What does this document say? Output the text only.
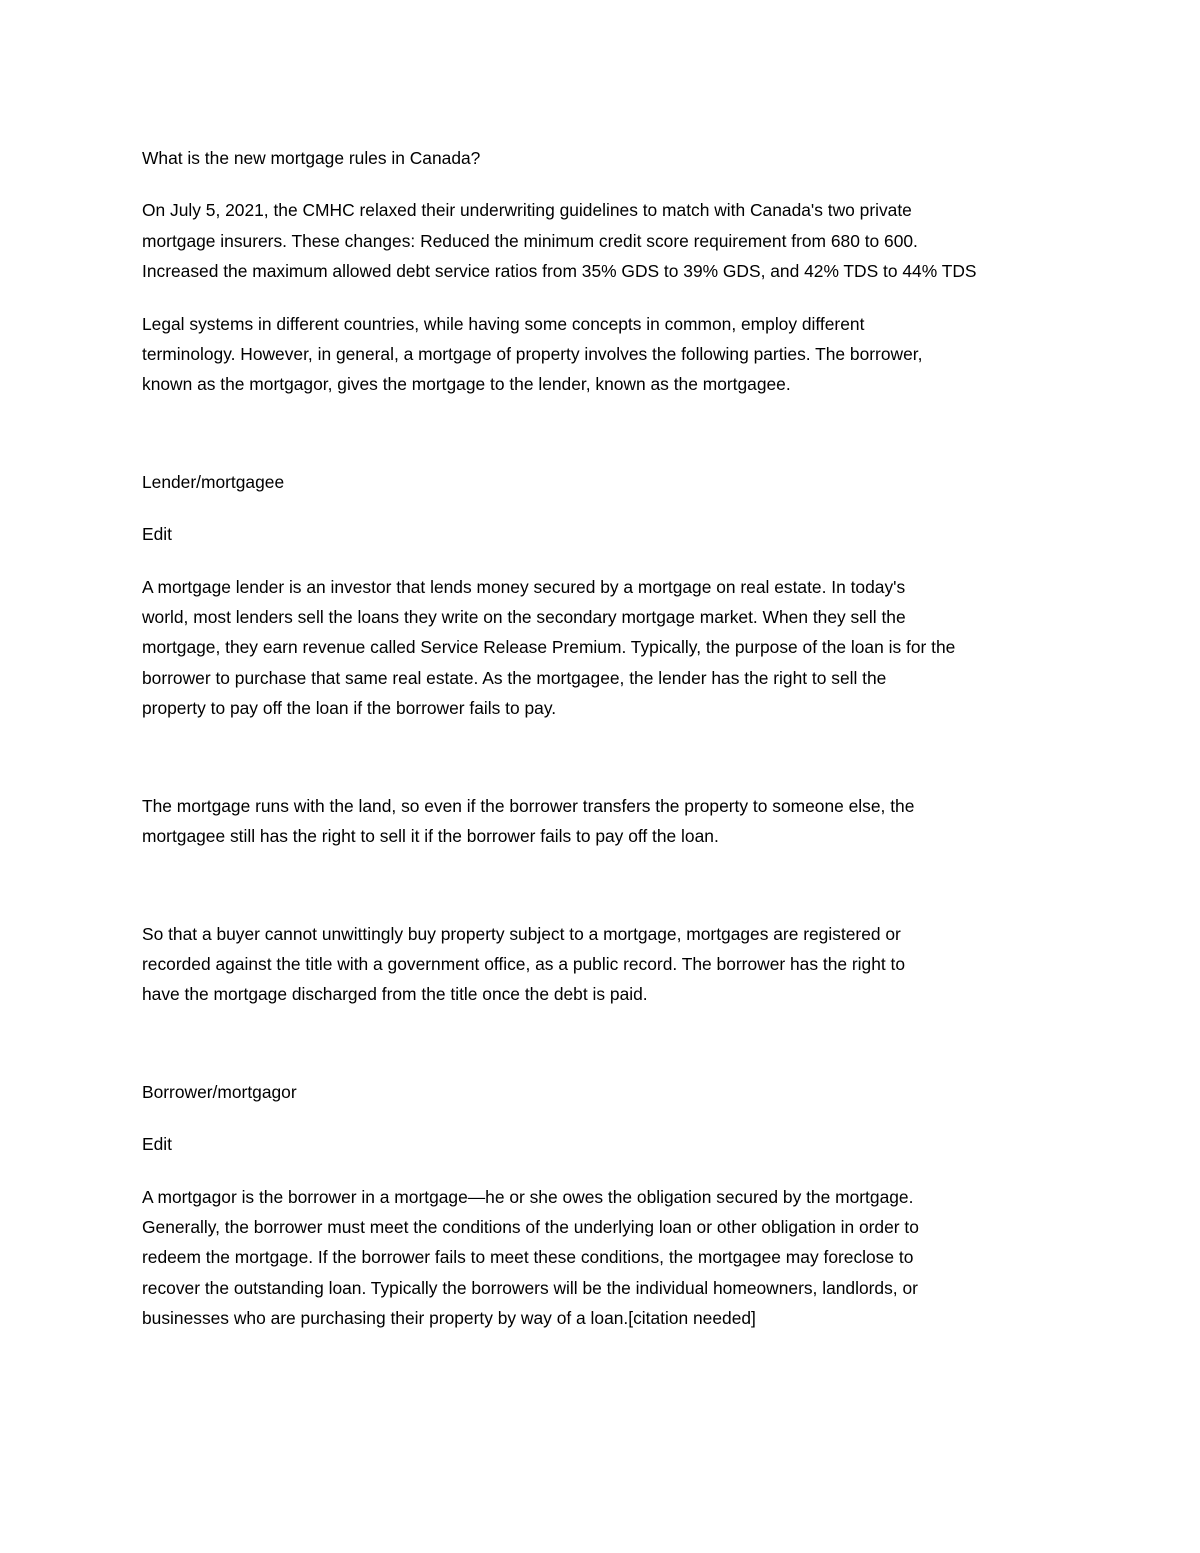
What is the new mortgage rules in Canada?

On July 5, 2021, the CMHC relaxed their underwriting guidelines to match with Canada's two private

mortgage insurers. These changes: Reduced the minimum credit score requirement from 680 to 600.

Increased the maximum allowed debt service ratios from 35% GDS to 39% GDS, and 42% TDS to 44% TDS

Legal systems in different countries, while having some concepts in common, employ different

terminology. However, in general, a mortgage of property involves the following parties. The borrower,

known as the mortgagor, gives the mortgage to the lender, known as the mortgagee.

Lender/mortgagee

Edit

A mortgage lender is an investor that lends money secured by a mortgage on real estate. In today's

world, most lenders sell the loans they write on the secondary mortgage market. When they sell the

mortgage, they earn revenue called Service Release Premium. Typically, the purpose of the loan is for the

borrower to purchase that same real estate. As the mortgagee, the lender has the right to sell the

property to pay off the loan if the borrower fails to pay.

The mortgage runs with the land, so even if the borrower transfers the property to someone else, the

mortgagee still has the right to sell it if the borrower fails to pay off the loan.

So that a buyer cannot unwittingly buy property subject to a mortgage, mortgages are registered or

recorded against the title with a government office, as a public record. The borrower has the right to

have the mortgage discharged from the title once the debt is paid.

Borrower/mortgagor

Edit

A mortgagor is the borrower in a mortgage—he or she owes the obligation secured by the mortgage.

Generally, the borrower must meet the conditions of the underlying loan or other obligation in order to

redeem the mortgage. If the borrower fails to meet these conditions, the mortgagee may foreclose to

recover the outstanding loan. Typically the borrowers will be the individual homeowners, landlords, or

businesses who are purchasing their property by way of a loan.[citation needed]
